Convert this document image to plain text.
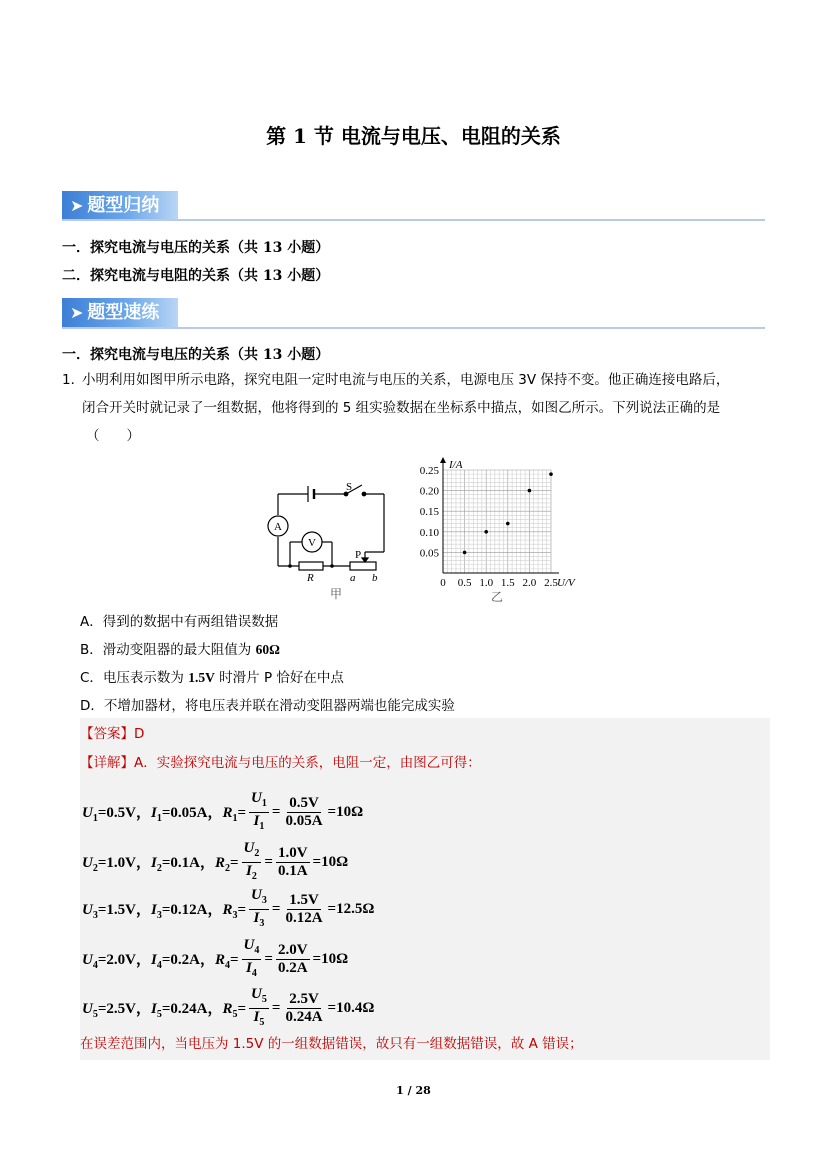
第 1 节 电流与电压、电阻的关系
➤ 题型归纳
一．探究电流与电压的关系（共 13 小题）
二．探究电流与电阻的关系（共 13 小题）
➤ 题型速练
一．探究电流与电压的关系（共 13 小题）
1．
小明利用如图甲所示电路，探究电阻一定时电流与电压的关系，电源电压 3V 保持不变。他正确连接电路后，
闭合开关时就记录了一组数据，他将得到的 5 组实验数据在坐标系中描点，如图乙所示。下列说法正确的是
（　　）
S
A
V
R
P
a b
甲
0 0.5 1.0 1.5 2.0 2.5
0.05
0.10
0.15
0.20
0.25 I/A
U/V
乙
A．得到的数据中有两组错误数据
B．滑动变阻器的最大阻值为 60Ω
C．电压表示数为 1.5V 时滑片 P 恰好在中点
D．不增加器材，将电压表并联在滑动变阻器两端也能完成实验
【答案】D
【详解】A．实验探究电流与电压的关系，电阻一定，由图乙可得：
$U_1=0.5V$，$I_1=0.05A$，$R_1= \frac{U_1}{I_1} = \frac{0.5V}{0.05A} =10\Omega$
$U_2=1.0V$，$I_2=0.1A$，$R_2= \frac{U_2}{I_2} = \frac{1.0V}{0.1A} =10\Omega$
$U_3=1.5V$，$I_3=0.12A$，$R_3= \frac{U_3}{I_3} = \frac{1.5V}{0.12A} =12.5\Omega$
$U_4=2.0V$，$I_4=0.2A$，$R_4= \frac{U_4}{I_4} = \frac{2.0V}{0.2A} =10\Omega$
$U_5=2.5V$，$I_5=0.24A$，$R_5= \frac{U_5}{I_5} = \frac{2.5V}{0.24A} =10.4\Omega$
在误差范围内，当电压为 1.5V 的一组数据错误，故只有一组数据错误，故 A 错误；
1 / 28
